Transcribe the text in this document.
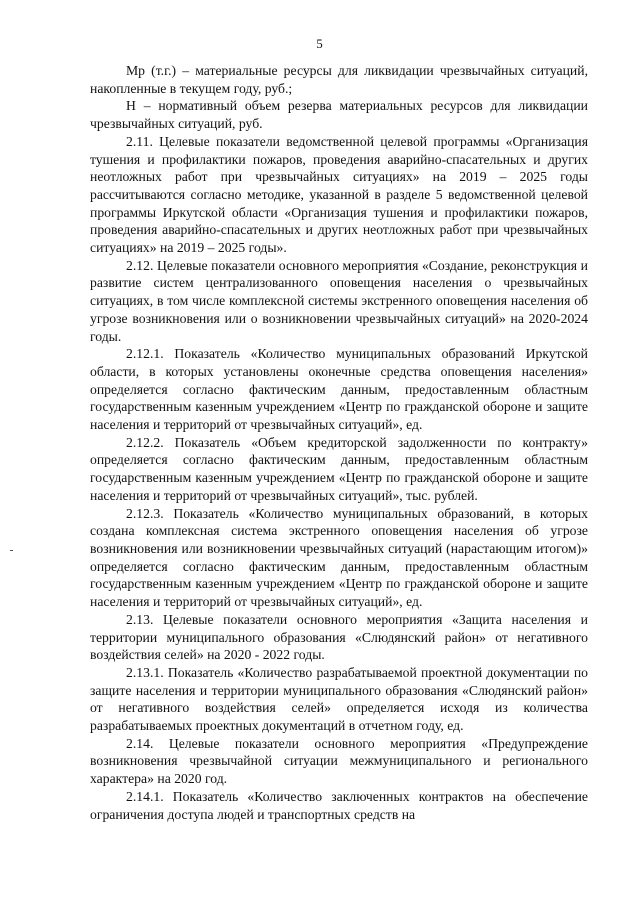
5

Мр (т.г.) – материальные ресурсы для ликвидации чрезвычайных ситуаций, накопленные в текущем году, руб.;

Н – нормативный объем резерва материальных ресурсов для ликвидации чрезвычайных ситуаций, руб.

2.11. Целевые показатели ведомственной целевой программы «Организация тушения и профилактики пожаров, проведения аварийно-спасательных и других неотложных работ при чрезвычайных ситуациях» на 2019 – 2025 годы рассчитываются согласно методике, указанной в разделе 5 ведомственной целевой программы Иркутской области «Организация тушения и профилактики пожаров, проведения аварийно-спасательных и других неотложных работ при чрезвычайных ситуациях» на 2019 – 2025 годы».

2.12. Целевые показатели основного мероприятия «Создание, реконструкция и развитие систем централизованного оповещения населения о чрезвычайных ситуациях, в том числе комплексной системы экстренного оповещения населения об угрозе возникновения или о возникновении чрезвычайных ситуаций» на 2020-2024 годы.

2.12.1. Показатель «Количество муниципальных образований Иркутской области, в которых установлены оконечные средства оповещения населения» определяется согласно фактическим данным, предоставленным областным государственным казенным учреждением «Центр по гражданской обороне и защите населения и территорий от чрезвычайных ситуаций», ед.

2.12.2. Показатель «Объем кредиторской задолженности по контракту» определяется согласно фактическим данным, предоставленным областным государственным казенным учреждением «Центр по гражданской обороне и защите населения и территорий от чрезвычайных ситуаций», тыс. рублей.

2.12.3. Показатель «Количество муниципальных образований, в которых создана комплексная система экстренного оповещения населения об угрозе возникновения или возникновении чрезвычайных ситуаций (нарастающим итогом)» определяется согласно фактическим данным, предоставленным областным государственным казенным учреждением «Центр по гражданской обороне и защите населения и территорий от чрезвычайных ситуаций», ед.

2.13. Целевые показатели основного мероприятия «Защита населения и территории муниципального образования «Слюдянский район» от негативного воздействия селей» на 2020 - 2022 годы.

2.13.1. Показатель «Количество разрабатываемой проектной документации по защите населения и территории муниципального образования «Слюдянский район» от негативного воздействия селей» определяется исходя из количества разрабатываемых проектных документаций в отчетном году, ед.

2.14. Целевые показатели основного мероприятия «Предупреждение возникновения чрезвычайной ситуации межмуниципального и регионального характера» на 2020 год.

2.14.1. Показатель «Количество заключенных контрактов на обеспечение ограничения доступа людей и транспортных средств на
